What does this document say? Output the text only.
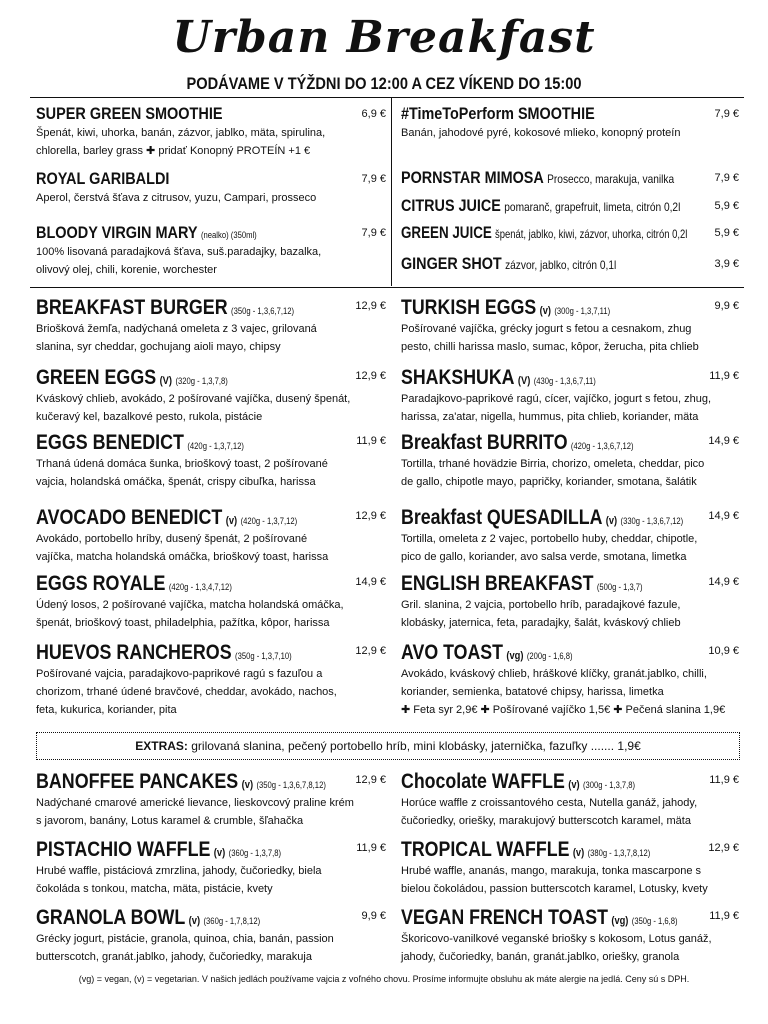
Urban Breakfast
PODÁVAME V TÝŽDNI DO 12:00 A CEZ VÍKEND DO 15:00
SUPER GREEN SMOOTHIE	6,9 €
Špenát, kiwi, uhorka, banán, zázvor, jablko, mäta, spirulina,
chlorella, barley grass ✚ pridať Konopný PROTEÍN +1 €
ROYAL GARIBALDI	7,9 €
Aperol, čerstvá šťava z citrusov, yuzu, Campari, prosseco
BLOODY VIRGIN MARY (nealko) (350ml)	7,9 €
100% lisovaná paradajková šťava, suš.paradajky, bazalka,
olivový olej, chili, korenie, worchester
#TimeToPerform SMOOTHIE	7,9 €
Banán, jahodové pyré, kokosové mlieko, konopný proteín
PORNSTAR MIMOSA Prosecco, marakuja, vanilka	7,9 €
CITRUS JUICE pomaranč, grapefruit, limeta, citrón 0,2l	5,9 €
GREEN JUICE špenát, jablko, kiwi, zázvor, uhorka, citrón 0,2l 5,9 €
GINGER SHOT zázvor, jablko, citrón 0,1l	3,9 €
BREAKFAST BURGER (350g - 1,3,6,7,12)	12,9 €
Briošková žemľa, nadýchaná omeleta z 3 vajec, grilovaná
slanina, syr cheddar, gochujang aioli mayo, chipsy
GREEN EGGS (V) (320g - 1,3,7,8)	12,9 €
Kváskový chlieb, avokádo, 2 pošírované vajíčka, dusený špenát,
kučeravý kel, bazalkové pesto, rukola, pistácie
EGGS BENEDICT (420g - 1,3,7,12)	11,9 €
Trhaná údená domáca šunka, brioškový toast, 2 pošírované
vajcia, holandská omáčka, špenát, crispy cibuľka, harissa
AVOCADO BENEDICT (v) (420g - 1,3,7,12)	12,9 €
Avokádo, portobello hríby, dusený špenát, 2 pošírované
vajíčka, matcha holandská omáčka, brioškový toast, harissa
EGGS ROYALE (420g - 1,3,4,7,12)	14,9 €
Údený losos, 2 pošírované vajíčka, matcha holandská omáčka,
špenát, brioškový toast, philadelphia, pažítka, kôpor, harissa
HUEVOS RANCHEROS (350g - 1,3,7,10)	12,9 €
Pošírované vajcia, paradajkovo-paprikové ragú s fazuľou a
chorizom, trhané údené bravčové, cheddar, avokádo, nachos,
feta, kukurica, koriander, pita
TURKISH EGGS (v) (300g - 1,3,7,11)	9,9 €
Pošírované vajíčka, grécky jogurt s fetou a cesnakom, zhug
pesto, chilli harissa maslo, sumac, kôpor, žerucha, pita chlieb
SHAKSHUKA (V) (430g - 1,3,6,7,11)	11,9 €
Paradajkovo-paprikové ragú, cícer, vajíčko, jogurt s fetou, zhug,
harissa, za'atar, nigella, hummus, pita chlieb, koriander, mäta
Breakfast BURRITO (420g - 1,3,6,7,12)	14,9 €
Tortilla, trhané hovädzie Birria, chorizo, omeleta, cheddar, pico
de gallo, chipotle mayo, papričky, koriander, smotana, šalátik
Breakfast QUESADILLA (v) (330g - 1,3,6,7,12) 14,9 €
Tortilla, omeleta z 2 vajec, portobello huby, cheddar, chipotle,
pico de gallo, koriander, avo salsa verde, smotana, limetka
ENGLISH BREAKFAST (500g - 1,3,7)	14,9 €
Gril. slanina, 2 vajcia, portobello hríb, paradajkové fazule,
klobásky, jaternica, feta, paradajky, šalát, kváskový chlieb
AVO TOAST (vg) (200g - 1,6,8)	10,9 €
Avokádo, kváskový chlieb, hráškové klíčky, granát.jablko, chilli,
koriander, semienka, batatové chipsy, harissa, limetka
✚ Feta syr 2,9€ ✚ Pošírované vajíčko 1,5€ ✚ Pečená slanina 1,9€
BANOFFEE PANCAKES (v) (350g - 1,3,6,7,8,12)	12,9 €
Nadýchané cmarové americké lievance, lieskovcový praline krém
s javorom, banány, Lotus karamel & crumble, šľahačka
PISTACHIO WAFFLE (v) (360g - 1,3,7,8)	11,9 €
Hrubé waffle, pistáciová zmrzlina, jahody, čučoriedky, biela
čokoláda s tonkou, matcha, mäta, pistácie, kvety
GRANOLA BOWL (v) (360g - 1,7,8,12)	9,9 €
Grécky jogurt, pistácie, granola, quinoa, chia, banán, passion
butterscotch, granát.jablko, jahody, čučoriedky, marakuja
Chocolate WAFFLE (v) (300g - 1,3,7,8)	11,9 €
Horúce waffle z croissantového cesta, Nutella ganáž, jahody,
čučoriedky, oriešky, marakujový butterscotch karamel, mäta
TROPICAL WAFFLE (v) (380g - 1,3,7,8,12)	12,9 €
Hrubé waffle, ananás, mango, marakuja, tonka mascarpone s
bielou čokoládou, passion butterscotch karamel, Lotusky, kvety
VEGAN FRENCH TOAST (vg) (350g - 1,6,8)	11,9 €
Škoricovo-vanilkové veganské briošky s kokosom, Lotus ganáž,
jahody, čučoriedky, banán, granát.jablko, oriešky, granola
EXTRAS: grilovaná slanina, pečený portobello hríb, mini klobásky, jaternička, fazuľky ....... 1,9€
(vg) = vegan, (v) = vegetarian. V našich jedlách používame vajcia z voľného chovu. Prosíme informujte obsluhu ak máte alergie na jedlá. Ceny sú s DPH.
